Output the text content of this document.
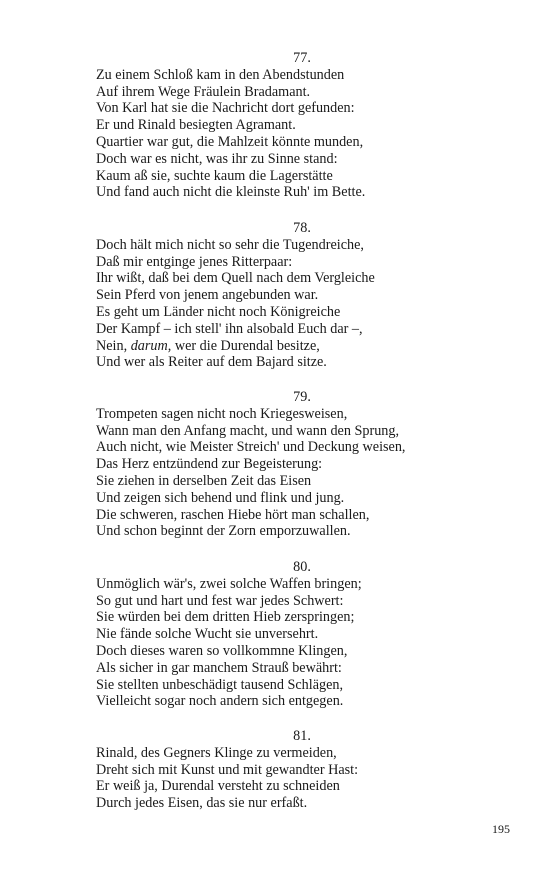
77.
Zu einem Schloß kam in den Abendstunden
Auf ihrem Wege Fräulein Bradamant.
Von Karl hat sie die Nachricht dort gefunden:
Er und Rinald besiegten Agramant.
Quartier war gut, die Mahlzeit könnte munden,
Doch war es nicht, was ihr zu Sinne stand:
Kaum aß sie, suchte kaum die Lagerstätte
Und fand auch nicht die kleinste Ruh' im Bette.
78.
Doch hält mich nicht so sehr die Tugendreiche,
Daß mir entginge jenes Ritterpaar:
Ihr wißt, daß bei dem Quell nach dem Vergleiche
Sein Pferd von jenem angebunden war.
Es geht um Länder nicht noch Königreiche
Der Kampf – ich stell' ihn alsobald Euch dar –,
Nein, darum, wer die Durendal besitze,
Und wer als Reiter auf dem Bajard sitze.
79.
Trompeten sagen nicht noch Kriegesweisen,
Wann man den Anfang macht, und wann den Sprung,
Auch nicht, wie Meister Streich' und Deckung weisen,
Das Herz entzündend zur Begeisterung:
Sie ziehen in derselben Zeit das Eisen
Und zeigen sich behend und flink und jung.
Die schweren, raschen Hiebe hört man schallen,
Und schon beginnt der Zorn emporzuwallen.
80.
Unmöglich wär's, zwei solche Waffen bringen;
So gut und hart und fest war jedes Schwert:
Sie würden bei dem dritten Hieb zerspringen;
Nie fände solche Wucht sie unversehrt.
Doch dieses waren so vollkommne Klingen,
Als sicher in gar manchem Strauß bewährt:
Sie stellten unbeschädigt tausend Schlägen,
Vielleicht sogar noch andern sich entgegen.
81.
Rinald, des Gegners Klinge zu vermeiden,
Dreht sich mit Kunst und mit gewandter Hast:
Er weiß ja, Durendal versteht zu schneiden
Durch jedes Eisen, das sie nur erfaßt.
195
